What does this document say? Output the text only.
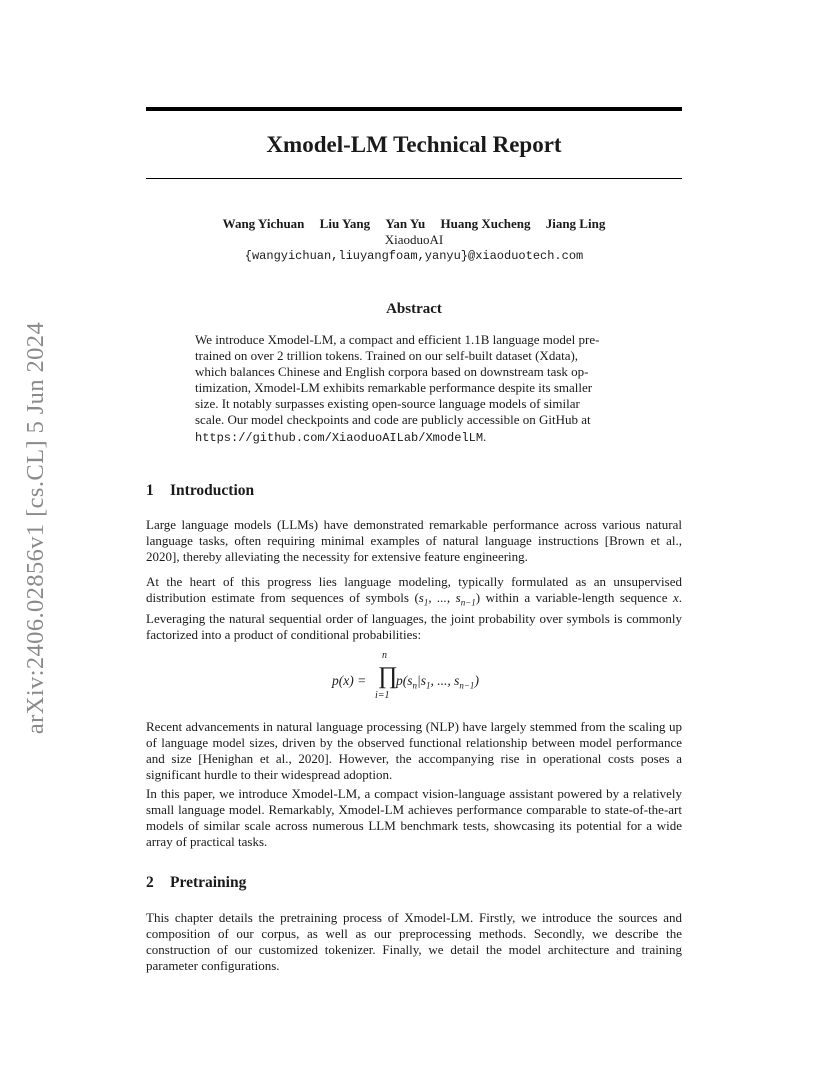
arXiv:2406.02856v1 [cs.CL] 5 Jun 2024
Xmodel-LM Technical Report
Wang Yichuan Liu Yang Yan Yu Huang Xucheng Jiang Ling
XiaoduoAI
{wangyichuan,liuyangfoam,yanyu}@xiaoduotech.com
Abstract
We introduce Xmodel-LM, a compact and efficient 1.1B language model pre-
trained on over 2 trillion tokens. Trained on our self-built dataset (Xdata),
which balances Chinese and English corpora based on downstream task op-
timization, Xmodel-LM exhibits remarkable performance despite its smaller
size. It notably surpasses existing open-source language models of similar
scale. Our model checkpoints and code are publicly accessible on GitHub at
https://github.com/XiaoduoAILab/XmodelLM.
1 Introduction
Large language models (LLMs) have demonstrated remarkable performance across various natural language tasks, often requiring minimal examples of natural language instructions [Brown et al., 2020], thereby alleviating the necessity for extensive feature engineering.
At the heart of this progress lies language modeling, typically formulated as an unsupervised distribution estimate from sequences of symbols ($s_1$, ..., $s_{n-1}$) within a variable-length sequence x. Leveraging the natural sequential order of languages, the joint probability over symbols is commonly factorized into a product of conditional probabilities:
p(x) =
n
∏
i=1
$p(s_n|s_1$, ..., $s_{n-1}$)
Recent advancements in natural language processing (NLP) have largely stemmed from the scaling up of language model sizes, driven by the observed functional relationship between model performance and size [Henighan et al., 2020]. However, the accompanying rise in operational costs poses a significant hurdle to their widespread adoption.
In this paper, we introduce Xmodel-LM, a compact vision-language assistant powered by a relatively small language model. Remarkably, Xmodel-LM achieves performance comparable to state-of-the-art models of similar scale across numerous LLM benchmark tests, showcasing its potential for a wide array of practical tasks.
2 Pretraining
This chapter details the pretraining process of Xmodel-LM. Firstly, we introduce the sources and composition of our corpus, as well as our preprocessing methods. Secondly, we describe the construction of our customized tokenizer. Finally, we detail the model architecture and training parameter configurations.
